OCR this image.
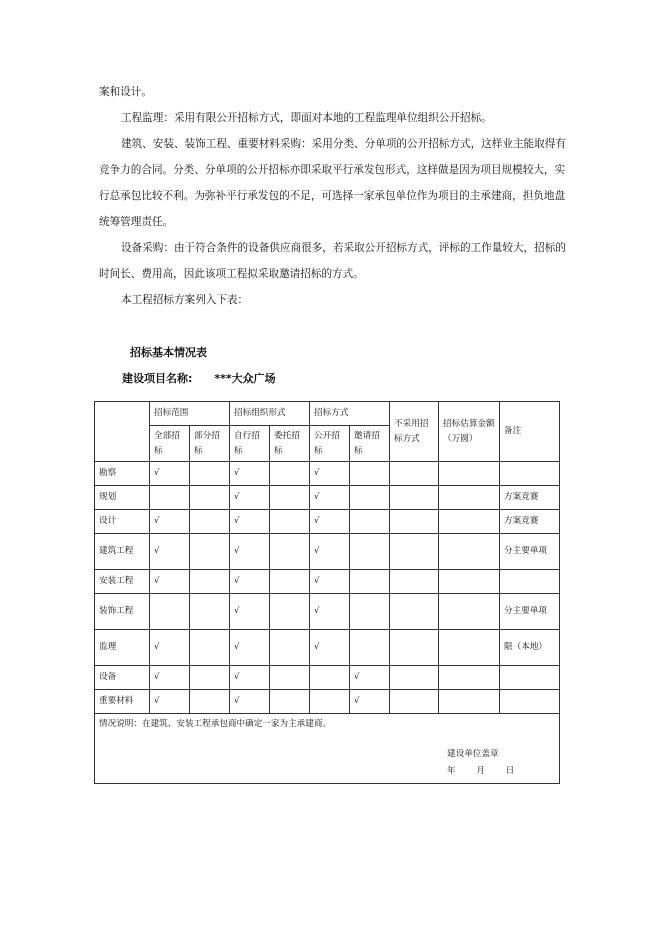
案和设计。

工程监理：采用有限公开招标方式，即面对本地的工程监理单位组织公开招标。

建筑、安装、装饰工程、重要材料采购：采用分类、分单项的公开招标方式，这样业主能取得有竞争力的合同。分类、分单项的公开招标亦即采取平行承发包形式，这样做是因为项目规模较大，实行总承包比较不利。为弥补平行承发包的不足，可选择一家承包单位作为项目的主承建商，担负地盘统筹管理责任。

设备采购：由于符合条件的设备供应商很多，若采取公开招标方式，评标的工作量较大，招标的时间长、费用高，因此该项工程拟采取邀请招标的方式。

本工程招标方案列入下表：

招标基本情况表
建设项目名称: ***大众广场
	招标范围		招标组织形式		招标方式		不采用招标方式	招标估算金额（万圆）	备注
	全部招标	部分招标	自行招标	委托招标	公开招标	邀请招标			
勘察	√		√		√				
规划			√		√				方案竞赛
设计	√		√		√				方案竞赛
建筑工程	√		√		√				分主要单项
安装工程	√		√		√				
装饰工程			√		√				分主要单项
监理	√		√		√				限（本地）
设备	√		√			√			
重要材料	√		√			√			

情况说明：在建筑、安装工程承包商中确定一家为主承建商。
建设单位盖章
年 月 日									
